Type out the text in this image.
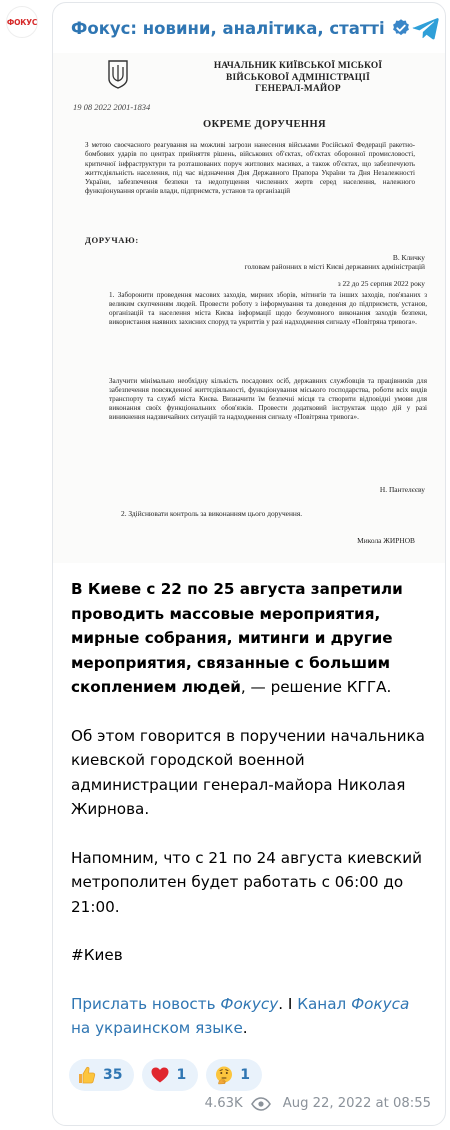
ФОКУС Фокус: новини, аналітика, статті
НАЧАЛЬНИК КИЇВСЬКОЇ МІСЬКОЇ
ВІЙСЬКОВОЇ АДМІНІСТРАЦІЇ
ГЕНЕРАЛ-МАЙОР
19 08 2022 2001-1834
ОКРЕМЕ ДОРУЧЕННЯ
З метою своєчасного реагування на можливі загрози нанесення військами Російської Федерації ракетно-бомбових ударів по центрах прийняття рішень, військових об'єктах, об'єктах оборонної промисловості, критичної інфраструктури та розташованих поруч житлових масивах, а також об'єктах, що забезпечують життєдіяльність населення, під час відзначення Дня Державного Прапора України та Дня Незалежності України, забезпечення безпеки та недопущення численних жертв серед населення, належного функціонування органів влади, підприємств, установ та організацій
ДОРУЧАЮ:
В. Кличку
головам районних в місті Києві державних адміністрацій
з 22 до 25 серпня 2022 року
1. Заборонити проведення масових заходів, мирних зборів, мітингів та інших заходів, пов'язаних з великим скупченням людей. Провести роботу з інформування та доведення до підприємств, установ, організацій та населення міста Києва інформації щодо безумовного виконання заходів безпеки, використання наявних захисних споруд та укриттів у разі надходження сигналу «Повітряна тривога».
Залучити мінімально необхідну кількість посадових осіб, державних службовців та працівників для забезпечення повсякденної життєдіяльності, функціонування міського господарства, роботи всіх видів транспорту та служб міста Києва. Визначити їм безпечні місця та створити відповідні умови для виконання своїх функціональних обов'язків. Провести додатковий інструктаж щодо дій у разі виникнення надзвичайних ситуацій та надходження сигналу «Повітряна тривога».
Н. Пантелєєву
2. Здійснювати контроль за виконанням цього доручення.
Микола ЖИРНОВ

В Киеве с 22 по 25 августа запретили проводить массовые мероприятия, мирные собрания, митинги и другие мероприятия, связанные с большим скоплением людей, — решение КГГА.

Об этом говорится в поручении начальника киевской городской военной администрации генерал-майора Николая Жирнова.

Напомним, что с 21 по 24 августа киевский метрополитен будет работать с 06:00 до 21:00.

#Киев

Прислать новость Фокусу. I Канал Фокуса на украинском языке.

35	1	1
4.63K	Aug 22, 2022 at 08:55
